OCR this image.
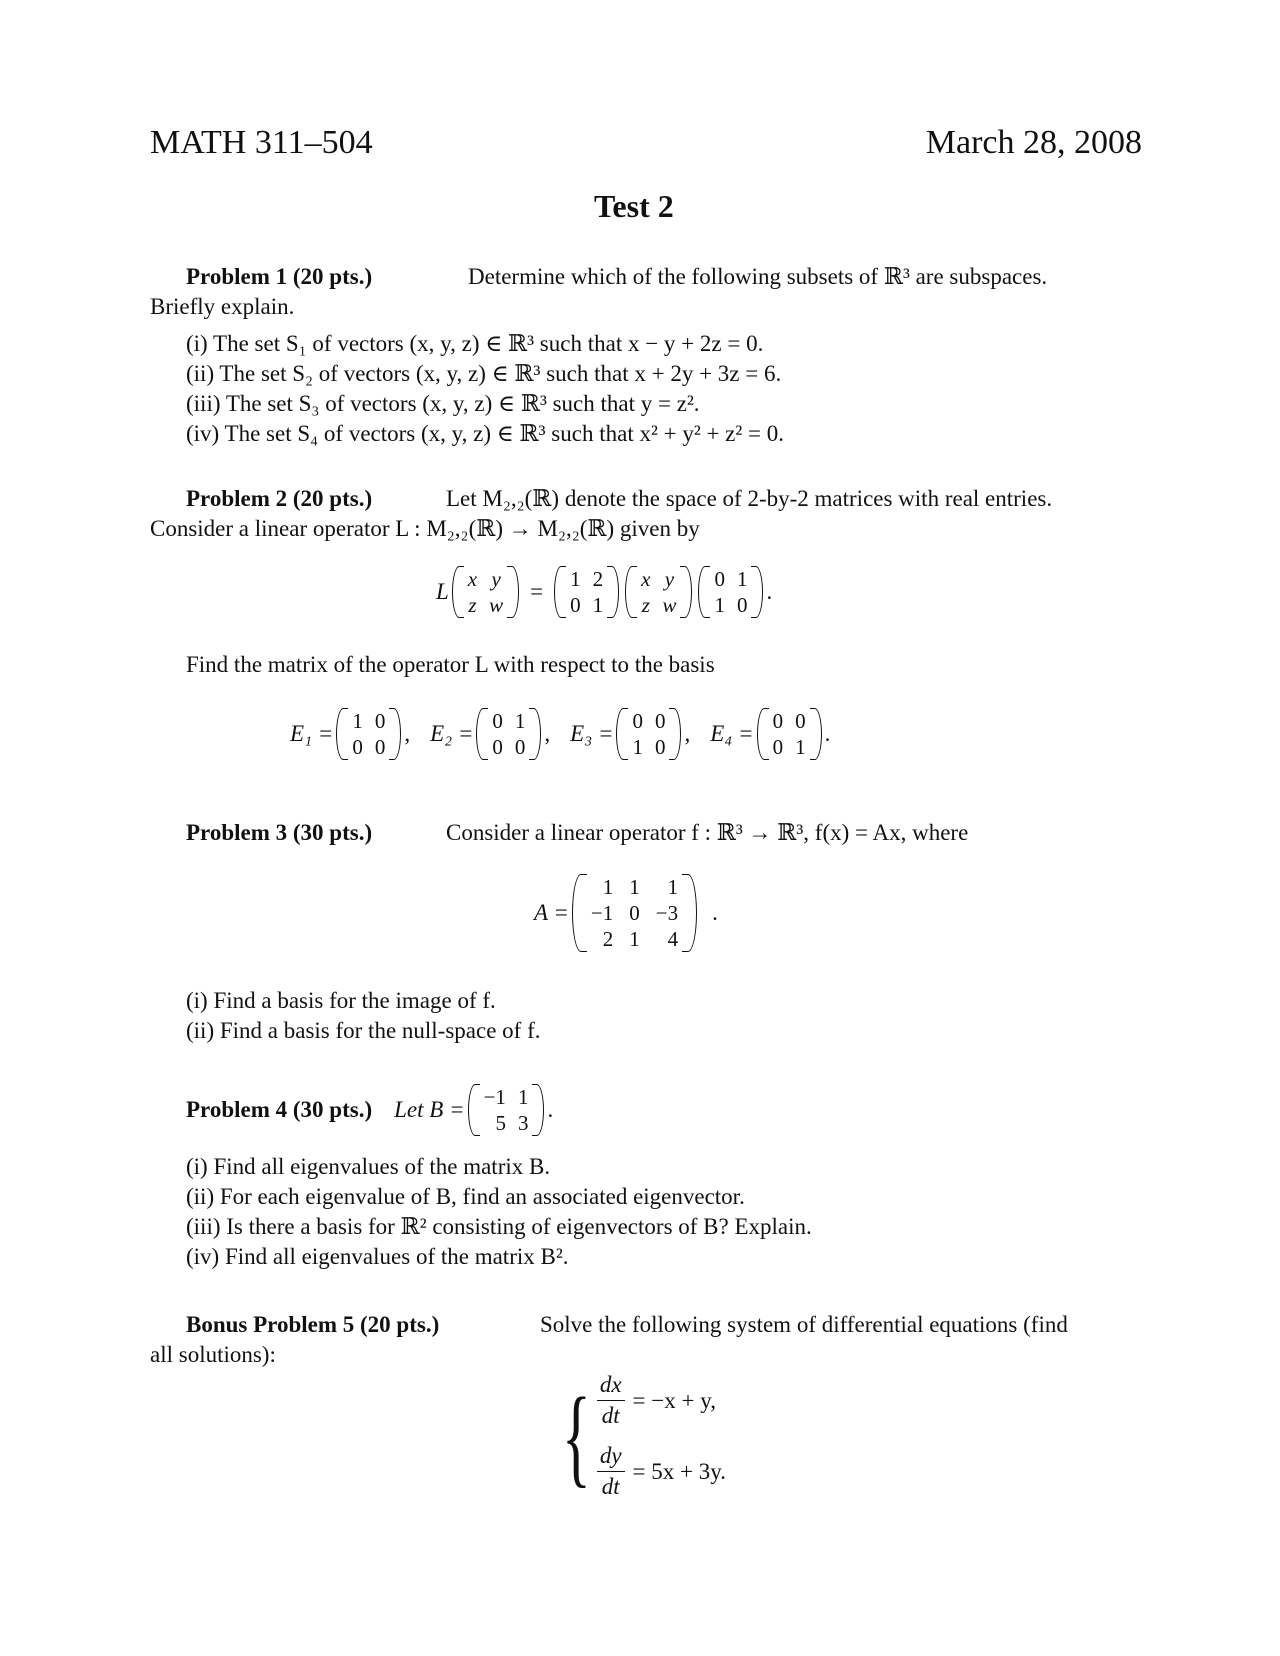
MATH 311–504	March 28, 2008
Test 2
Problem 1 (20 pts.)	Determine which of the following subsets of ℝ³ are subspaces.
Briefly explain.
(i) The set S₁ of vectors (x, y, z) ∈ ℝ³ such that x − y + 2z = 0.
(ii) The set S₂ of vectors (x, y, z) ∈ ℝ³ such that x + 2y + 3z = 6.
(iii) The set S₃ of vectors (x, y, z) ∈ ℝ³ such that y = z².
(iv) The set S₄ of vectors (x, y, z) ∈ ℝ³ such that x² + y² + z² = 0.
Problem 2 (20 pts.)	Let M₂,₂(ℝ) denote the space of 2-by-2 matrices with real entries.
Consider a linear operator L : M₂,₂(ℝ) → M₂,₂(ℝ) given by
L x y
z w
= 1 2
0 1
x y
z w
0 1
1 0
.
Find the matrix of the operator L with respect to the basis
E₁ = 1 0
0 0
, E₂ = 0 1
0 0
, E₃ = 0 0
1 0
, E₄ = 0 0
0 1
.
Problem 3 (30 pts.)	Consider a linear operator f : ℝ³ → ℝ³, f(x) = Ax, where
A =
1 1	1
−1 0 −3
2 1	4
.
(i) Find a basis for the image of f.
(ii) Find a basis for the null-space of f.
Problem 4 (30 pts.) Let B = −1 1
5 3
.
(i) Find all eigenvalues of the matrix B.
(ii) For each eigenvalue of B, find an associated eigenvector.
(iii) Is there a basis for ℝ² consisting of eigenvectors of B? Explain.
(iv) Find all eigenvalues of the matrix B².
Bonus Problem 5 (20 pts.)	Solve the following system of differential equations (find
all solutions):
{ $\frac{dx}{dt} = -x + y$,
$\frac{dy}{dt} = 5x + 3y$.
